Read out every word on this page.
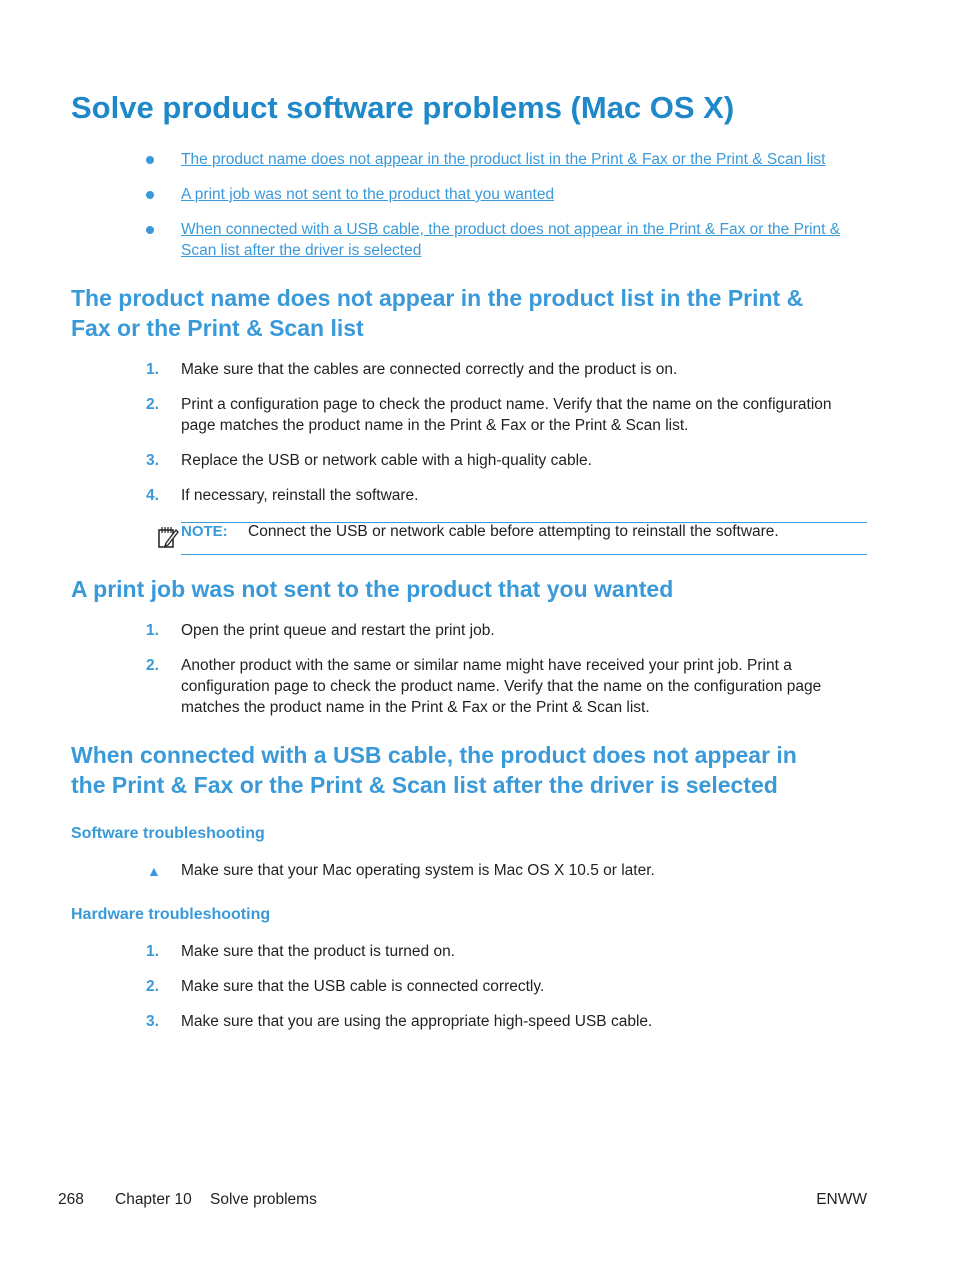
Solve product software problems (Mac OS X)
The product name does not appear in the product list in the Print & Fax or the Print & Scan list
A print job was not sent to the product that you wanted
When connected with a USB cable, the product does not appear in the Print & Fax or the Print &
Scan list after the driver is selected
The product name does not appear in the product list in the Print &
Fax or the Print & Scan list
1. Make sure that the cables are connected correctly and the product is on.
2. Print a configuration page to check the product name. Verify that the name on the configuration
page matches the product name in the Print & Fax or the Print & Scan list.
3. Replace the USB or network cable with a high-quality cable.
4. If necessary, reinstall the software.
NOTE: Connect the USB or network cable before attempting to reinstall the software.
A print job was not sent to the product that you wanted
1. Open the print queue and restart the print job.
2. Another product with the same or similar name might have received your print job. Print a
configuration page to check the product name. Verify that the name on the configuration page
matches the product name in the Print & Fax or the Print & Scan list.
When connected with a USB cable, the product does not appear in
the Print & Fax or the Print & Scan list after the driver is selected
Software troubleshooting
▲ Make sure that your Mac operating system is Mac OS X 10.5 or later.
Hardware troubleshooting
1. Make sure that the product is turned on.
2. Make sure that the USB cable is connected correctly.
3. Make sure that you are using the appropriate high-speed USB cable.
268 Chapter 10 Solve problems	ENWW
